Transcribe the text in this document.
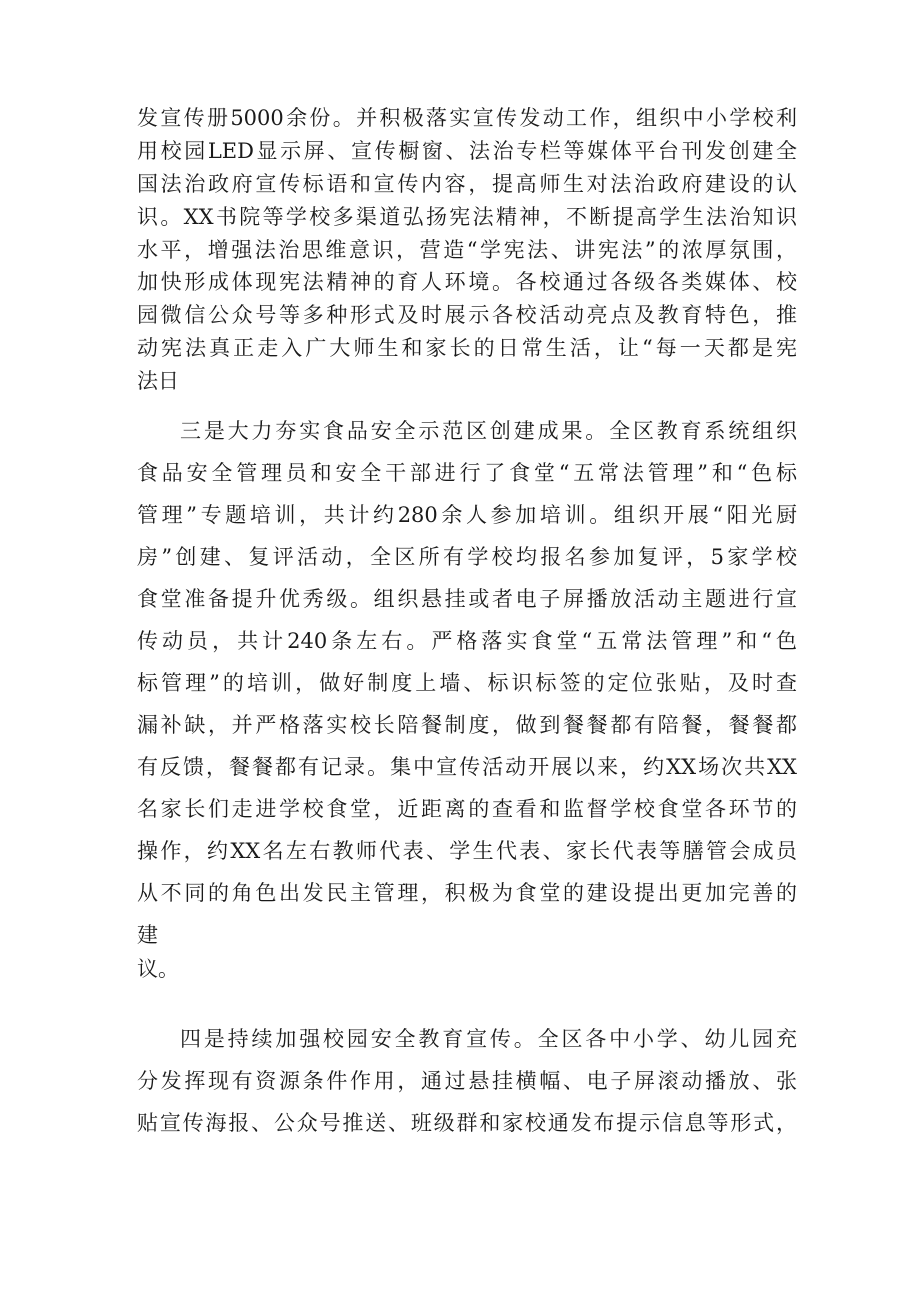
发宣传册5000余份。并积极落实宣传发动工作，组织中小学校利
用校园LED显示屏、宣传橱窗、法治专栏等媒体平台刊发创建全
国法治政府宣传标语和宣传内容，提高师生对法治政府建设的认
识。XX书院等学校多渠道弘扬宪法精神，不断提高学生法治知识
水平，增强法治思维意识，营造“学宪法、讲宪法”的浓厚氛围，
加快形成体现宪法精神的育人环境。各校通过各级各类媒体、校
园微信公众号等多种形式及时展示各校活动亮点及教育特色，推
动宪法真正走入广大师生和家长的日常生活，让“每一天都是宪
法日
三是大力夯实食品安全示范区创建成果。全区教育系统组织
食品安全管理员和安全干部进行了食堂“五常法管理”和“色标
管理”专题培训，共计约280余人参加培训。组织开展“阳光厨
房”创建、复评活动，全区所有学校均报名参加复评，5家学校
食堂准备提升优秀级。组织悬挂或者电子屏播放活动主题进行宣
传动员，共计240条左右。严格落实食堂“五常法管理”和“色
标管理”的培训，做好制度上墙、标识标签的定位张贴，及时查
漏补缺，并严格落实校长陪餐制度，做到餐餐都有陪餐，餐餐都
有反馈，餐餐都有记录。集中宣传活动开展以来，约XX场次共XX
名家长们走进学校食堂，近距离的查看和监督学校食堂各环节的
操作，约XX名左右教师代表、学生代表、家长代表等膳管会成员
从不同的角色出发民主管理，积极为食堂的建设提出更加完善的
建
议。
四是持续加强校园安全教育宣传。全区各中小学、幼儿园充
分发挥现有资源条件作用，通过悬挂横幅、电子屏滚动播放、张
贴宣传海报、公众号推送、班级群和家校通发布提示信息等形式，
